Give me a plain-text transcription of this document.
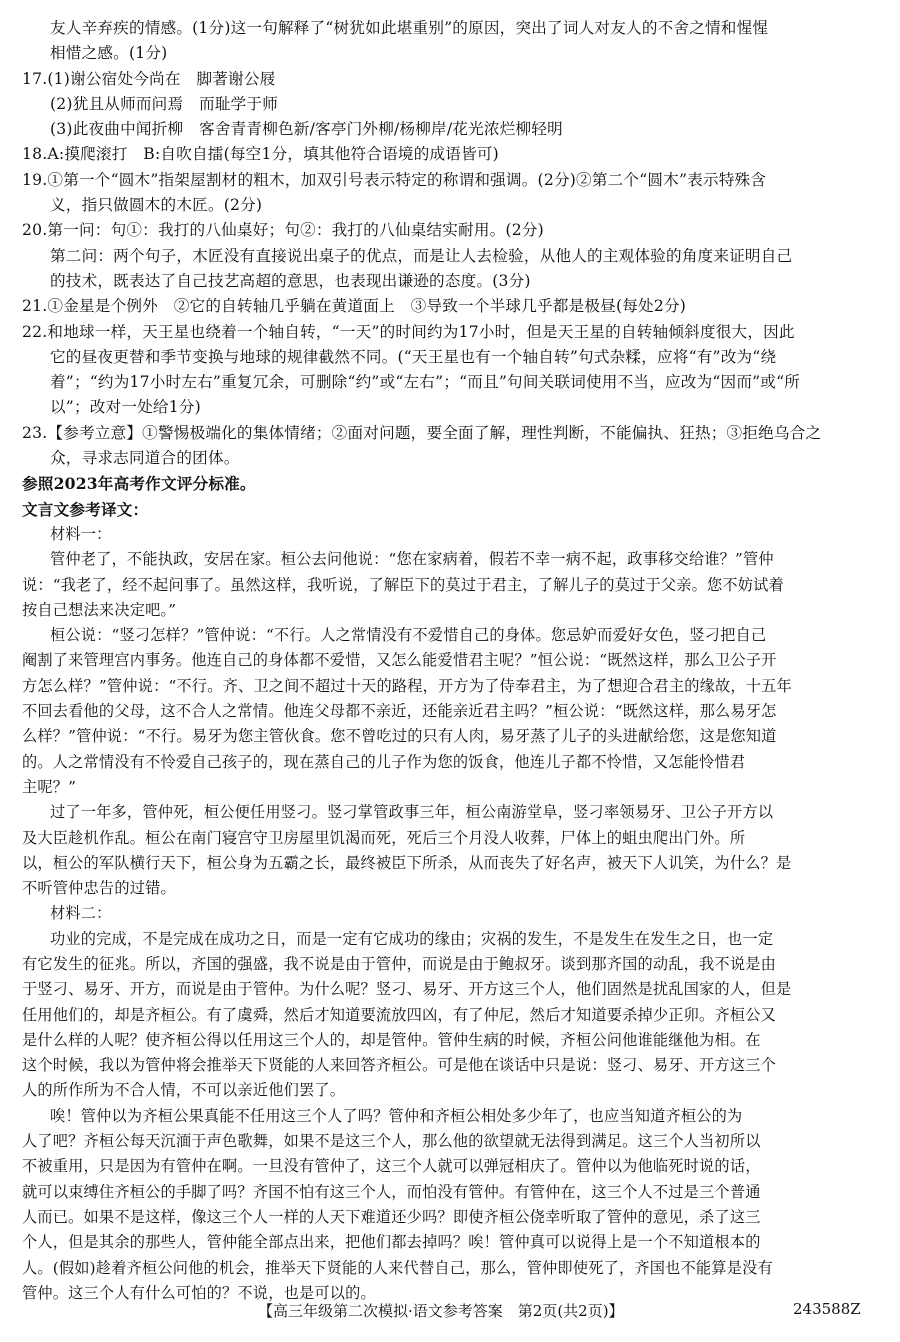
友人辛弃疾的情感。(1分)这一句解释了“树犹如此堪重别”的原因，突出了词人对友人的不舍之情和惺惺
相惜之感。(1分)
17.(1)谢公宿处今尚在　脚著谢公屐
(2)犹且从师而问焉　而耻学于师
(3)此夜曲中闻折柳　客舍青青柳色新/客亭门外柳/杨柳岸/花光浓烂柳轻明
18.A:摸爬滚打　B:自吹自擂(每空1分，填其他符合语境的成语皆可)
19.①第一个“圆木”指架屋割材的粗木，加双引号表示特定的称谓和强调。(2分)②第二个“圆木”表示特殊含
义，指只做圆木的木匠。(2分)
20.第一问：句①：我打的八仙桌好；句②：我打的八仙桌结实耐用。(2分)
第二问：两个句子，木匠没有直接说出桌子的优点，而是让人去检验，从他人的主观体验的角度来证明自己
的技术，既表达了自己技艺高超的意思，也表现出谦逊的态度。(3分)
21.①金星是个例外　②它的自转轴几乎躺在黄道面上　③导致一个半球几乎都是极昼(每处2分)
22.和地球一样，天王星也绕着一个轴自转，“一天”的时间约为17小时，但是天王星的自转轴倾斜度很大，因此
它的昼夜更替和季节变换与地球的规律截然不同。(“天王星也有一个轴自转”句式杂糅，应将“有”改为“绕
着”；“约为17小时左右”重复冗余，可删除“约”或“左右”；“而且”句间关联词使用不当，应改为“因而”或“所
以”；改对一处给1分)
23.【参考立意】①警惕极端化的集体情绪；②面对问题，要全面了解，理性判断，不能偏执、狂热；③拒绝乌合之
众，寻求志同道合的团体。
参照2023年高考作文评分标准。
文言文参考译文：
材料一：
管仲老了，不能执政，安居在家。桓公去问他说：“您在家病着，假若不幸一病不起，政事移交给谁？”管仲
说：“我老了，经不起问事了。虽然这样，我听说，了解臣下的莫过于君主，了解儿子的莫过于父亲。您不妨试着
按自己想法来决定吧。”
桓公说：“竖刁怎样？”管仲说：“不行。人之常情没有不爱惜自己的身体。您忌妒而爱好女色，竖刁把自己
阉割了来管理宫内事务。他连自己的身体都不爱惜，又怎么能爱惜君主呢？”恒公说：“既然这样，那么卫公子开
方怎么样？”管仲说：“不行。齐、卫之间不超过十天的路程，开方为了侍奉君主，为了想迎合君主的缘故，十五年
不回去看他的父母，这不合人之常情。他连父母都不亲近，还能亲近君主吗？”桓公说：“既然这样，那么易牙怎
么样？”管仲说：“不行。易牙为您主管伙食。您不曾吃过的只有人肉，易牙蒸了儿子的头进献给您，这是您知道
的。人之常情没有不怜爱自己孩子的，现在蒸自己的儿子作为您的饭食，他连儿子都不怜惜，又怎能怜惜君
主呢？”
过了一年多，管仲死，桓公便任用竖刁。竖刁掌管政事三年，桓公南游堂阜，竖刁率领易牙、卫公子开方以
及大臣趁机作乱。桓公在南门寝宫守卫房屋里饥渴而死，死后三个月没人收葬，尸体上的蛆虫爬出门外。所
以，桓公的军队横行天下，桓公身为五霸之长，最终被臣下所杀，从而丧失了好名声，被天下人讥笑，为什么？是
不听管仲忠告的过错。
材料二：
功业的完成，不是完成在成功之日，而是一定有它成功的缘由；灾祸的发生，不是发生在发生之日，也一定
有它发生的征兆。所以，齐国的强盛，我不说是由于管仲，而说是由于鲍叔牙。谈到那齐国的动乱，我不说是由
于竖刁、易牙、开方，而说是由于管仲。为什么呢？竖刁、易牙、开方这三个人，他们固然是扰乱国家的人，但是
任用他们的，却是齐桓公。有了虞舜，然后才知道要流放四凶，有了仲尼，然后才知道要杀掉少正卯。齐桓公又
是什么样的人呢？使齐桓公得以任用这三个人的，却是管仲。管仲生病的时候，齐桓公问他谁能继他为相。在
这个时候，我以为管仲将会推举天下贤能的人来回答齐桓公。可是他在谈话中只是说：竖刁、易牙、开方这三个
人的所作所为不合人情，不可以亲近他们罢了。
唉！管仲以为齐桓公果真能不任用这三个人了吗？管仲和齐桓公相处多少年了，也应当知道齐桓公的为
人了吧？齐桓公每天沉湎于声色歌舞，如果不是这三个人，那么他的欲望就无法得到满足。这三个人当初所以
不被重用，只是因为有管仲在啊。一旦没有管仲了，这三个人就可以弹冠相庆了。管仲以为他临死时说的话，
就可以束缚住齐桓公的手脚了吗？齐国不怕有这三个人，而怕没有管仲。有管仲在，这三个人不过是三个普通
人而已。如果不是这样，像这三个人一样的人天下难道还少吗？即使齐桓公侥幸听取了管仲的意见，杀了这三
个人，但是其余的那些人，管仲能全部点出来，把他们都去掉吗？唉！管仲真可以说得上是一个不知道根本的
人。(假如)趁着齐桓公问他的机会，推举天下贤能的人来代替自己，那么，管仲即使死了，齐国也不能算是没有
管仲。这三个人有什么可怕的？不说，也是可以的。
【高三年级第二次模拟·语文参考答案　第2页(共2页)】	243588Z
